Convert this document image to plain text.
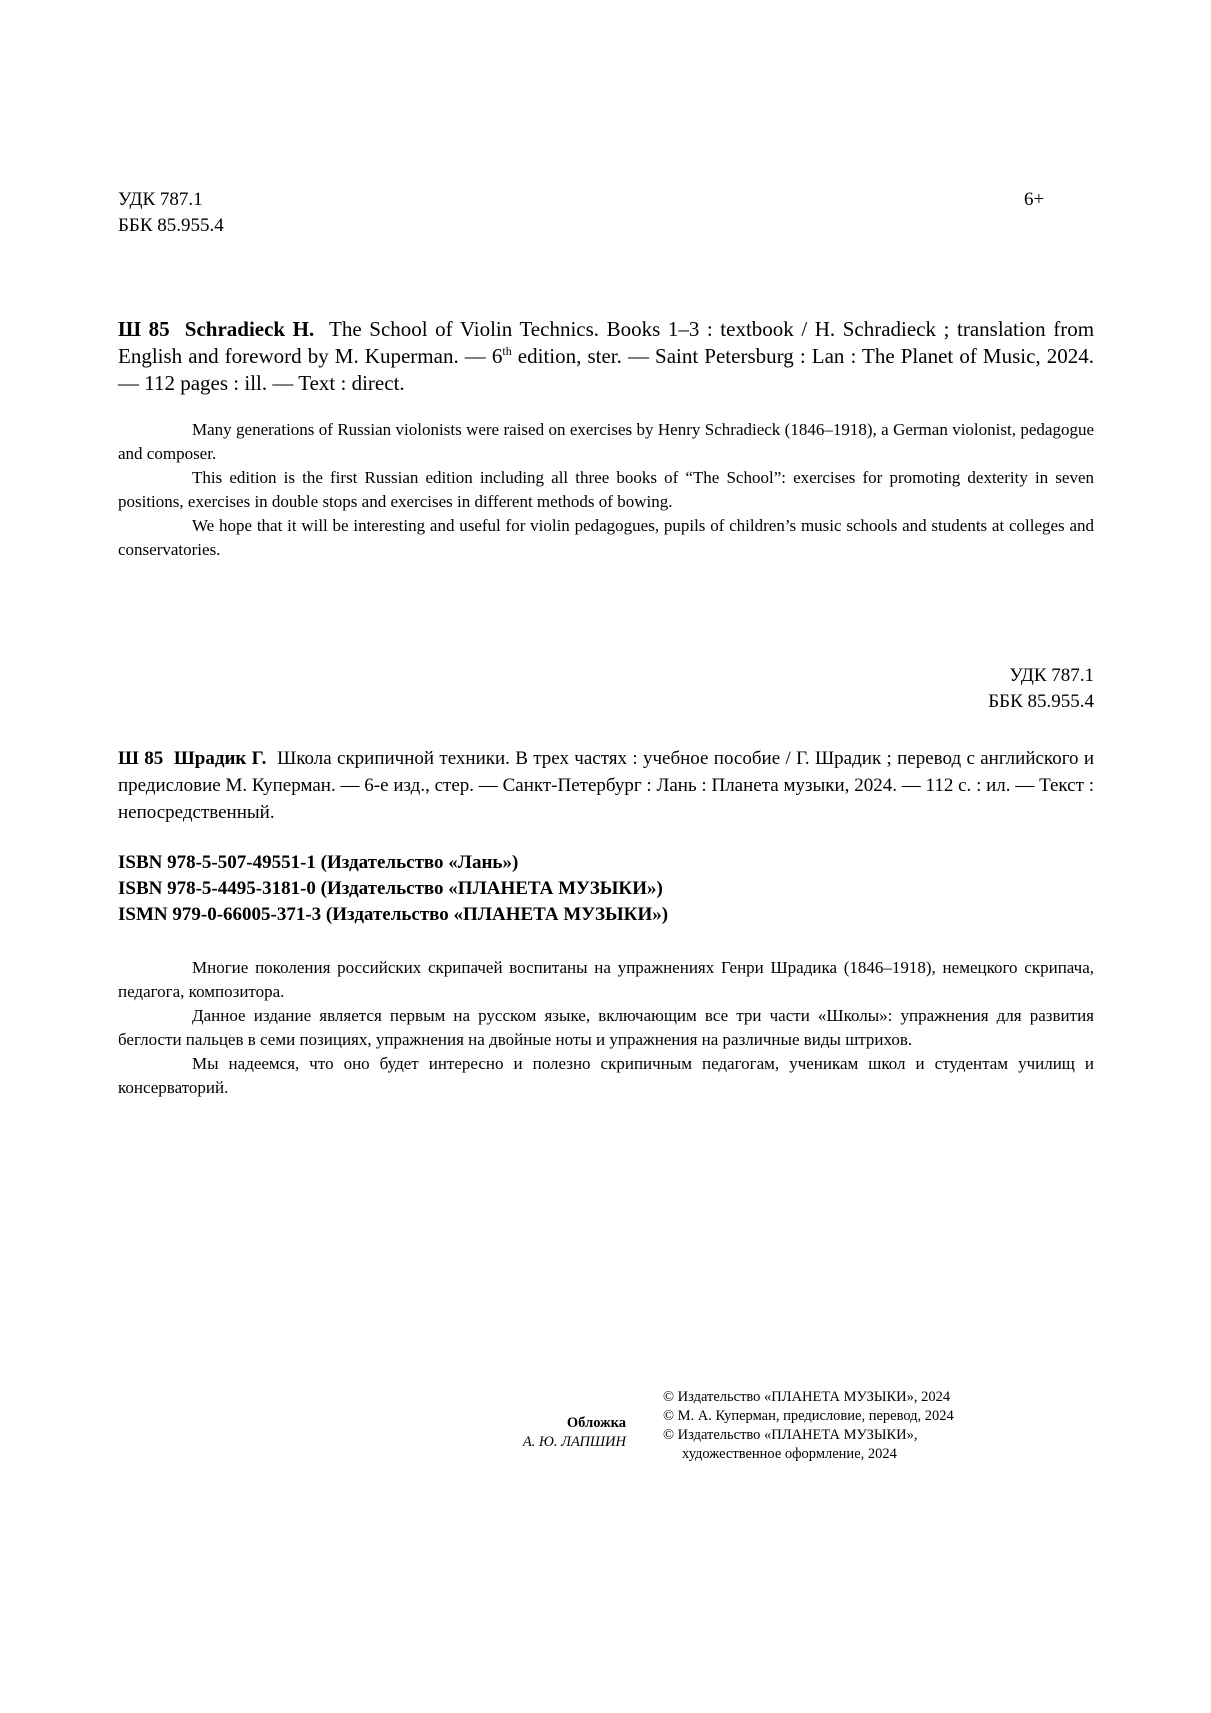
УДК 787.1
ББК 85.955.4
6+
Ш 85 Schradieck H. The School of Violin Technics. Books 1–3 : textbook / H. Schradieck ; translation from English and foreword by M. Kuperman. — 6th edition, ster. — Saint Petersburg : Lan : The Planet of Music, 2024. — 112 pages : ill. — Text : direct.

Many generations of Russian violonists were raised on exercises by Henry Schradieck (1846–1918), a German violonist, pedagogue and composer.

This edition is the first Russian edition including all three books of “The School”: exercises for promoting dexterity in seven positions, exercises in double stops and exercises in different methods of bowing.

We hope that it will be interesting and useful for violin pedagogues, pupils of children’s music schools and students at colleges and conservatories.

УДК 787.1
ББК 85.955.4
Ш 85 Шрадик Г. Школа скрипичной техники. В трех частях : учебное пособие / Г. Шрадик ; перевод с английского и предисловие М. Куперман. — 6-е изд., стер. — Санкт-Петербург : Лань : Планета музыки, 2024. — 112 с. : ил. — Текст : непосредственный.
ISBN 978-5-507-49551-1 (Издательство «Лань»)
ISBN 978-5-4495-3181-0 (Издательство «ПЛАНЕТА МУЗЫКИ»)
ISMN 979-0-66005-371-3 (Издательство «ПЛАНЕТА МУЗЫКИ»)

Многие поколения российских скрипачей воспитаны на упражнениях Генри Шрадика (1846–1918), немецкого скрипача, педагога, композитора.

Данное издание является первым на русском языке, включающим все три части «Школы»: упражнения для развития беглости пальцев в семи позициях, упражнения на двойные ноты и упражнения на различные виды штрихов.

Мы надеемся, что оно будет интересно и полезно скрипичным педагогам, ученикам школ и студентам училищ и консерваторий.

Обложка
А. Ю. ЛАПШИН
© Издательство «ПЛАНЕТА МУЗЫКИ», 2024
© М. А. Куперман, предисловие, перевод, 2024
© Издательство «ПЛАНЕТА МУЗЫКИ»,
художественное оформление, 2024
